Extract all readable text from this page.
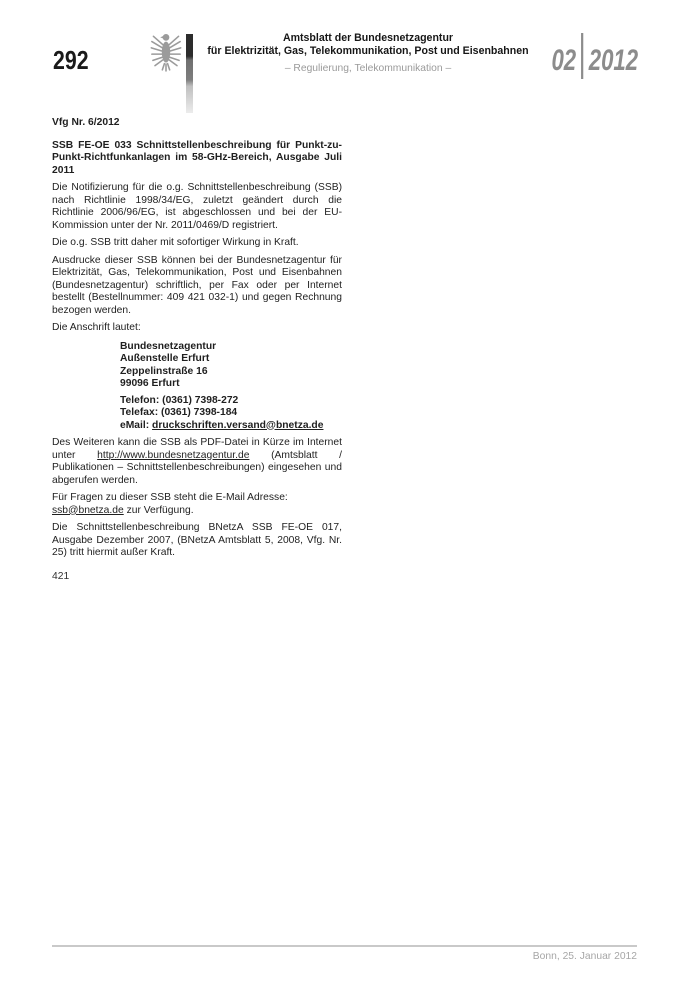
292
Amtsblatt der Bundesnetzagentur
für Elektrizität, Gas, Telekommunikation, Post und Eisenbahnen
– Regulierung, Telekommunikation –	02 2012

Vfg Nr. 6/2012

SSB FE-OE 033 Schnittstellenbeschreibung für Punkt-zu-Punkt-Richtfunkanlagen im 58-GHz-Bereich, Ausgabe Juli 2011

Die Notifizierung für die o.g. Schnittstellenbeschreibung (SSB) nach Richtlinie 1998/34/EG, zuletzt geändert durch die Richtlinie 2006/96/EG, ist abgeschlossen und bei der EU-Kommission unter der Nr. 2011/0469/D registriert.

Die o.g. SSB tritt daher mit sofortiger Wirkung in Kraft.

Ausdrucke dieser SSB können bei der Bundesnetzagentur für Elektrizität, Gas, Telekommunikation, Post und Eisenbahnen (Bundesnetzagentur) schriftlich, per Fax oder per Internet bestellt (Bestellnummer: 409 421 032-1) und gegen Rechnung bezogen werden.

Die Anschrift lautet:

Bundesnetzagentur
Außenstelle Erfurt
Zeppelinstraße 16
99096 Erfurt
Telefon: (0361) 7398-272
Telefax: (0361) 7398-184
eMail: druckschriften.versand@bnetza.de

Des Weiteren kann die SSB als PDF-Datei in Kürze im Internet unter http://www.bundesnetzagentur.de (Amtsblatt / Publikationen – Schnittstellenbeschreibungen) eingesehen und abgerufen werden.

Für Fragen zu dieser SSB steht die E-Mail Adresse:
ssb@bnetza.de zur Verfügung.

Die Schnittstellenbeschreibung BNetzA SSB FE-OE 017, Ausgabe Dezember 2007, (BNetzA Amtsblatt 5, 2008, Vfg. Nr. 25) tritt hiermit außer Kraft.

421
Bonn, 25. Januar 2012
